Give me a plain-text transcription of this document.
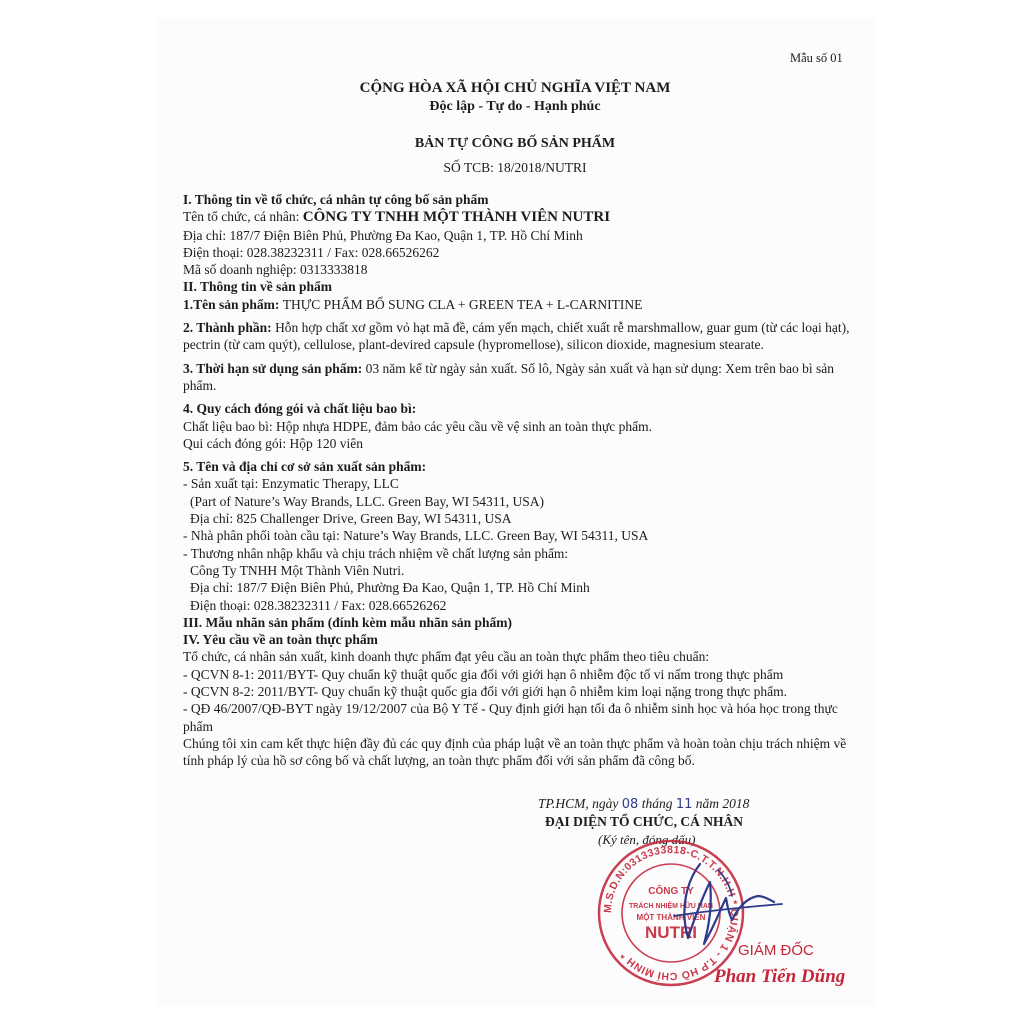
Mẫu số 01
CỘNG HÒA XÃ HỘI CHỦ NGHĨA VIỆT NAM
Độc lập - Tự do - Hạnh phúc
BẢN TỰ CÔNG BỐ SẢN PHẨM
SỐ TCB: 18/2018/NUTRI
I. Thông tin về tổ chức, cá nhân tự công bố sản phẩm
Tên tổ chức, cá nhân: CÔNG TY TNHH MỘT THÀNH VIÊN NUTRI
Địa chỉ: 187/7 Điện Biên Phủ, Phường Đa Kao, Quận 1, TP. Hồ Chí Minh
Điện thoại: 028.38232311 / Fax: 028.66526262
Mã số doanh nghiệp: 0313333818
II. Thông tin về sản phẩm
1.Tên sản phẩm: THỰC PHẨM BỔ SUNG CLA + GREEN TEA + L-CARNITINE
2. Thành phần: Hỗn hợp chất xơ gồm vỏ hạt mã đề, cám yến mạch, chiết xuất rễ marshmallow, guar gum (từ các loại hạt), pectrin (từ cam quýt), cellulose, plant-devired capsule (hypromellose), silicon dioxide, magnesium stearate.
3. Thời hạn sử dụng sản phẩm: 03 năm kể từ ngày sản xuất. Số lô, Ngày sản xuất và hạn sử dụng: Xem trên bao bì sản phẩm.
4. Quy cách đóng gói và chất liệu bao bì:
Chất liệu bao bì: Hộp nhựa HDPE, đảm bảo các yêu cầu về vệ sinh an toàn thực phẩm.
Qui cách đóng gói: Hộp 120 viên
5. Tên và địa chỉ cơ sở sản xuất sản phẩm:
- Sản xuất tại: Enzymatic Therapy, LLC
(Part of Nature’s Way Brands, LLC. Green Bay, WI 54311, USA)
Địa chỉ: 825 Challenger Drive, Green Bay, WI 54311, USA
- Nhà phân phối toàn cầu tại: Nature’s Way Brands, LLC. Green Bay, WI 54311, USA
- Thương nhân nhập khẩu và chịu trách nhiệm về chất lượng sản phẩm:
Công Ty TNHH Một Thành Viên Nutri.
Địa chỉ: 187/7 Điện Biên Phủ, Phường Đa Kao, Quận 1, TP. Hồ Chí Minh
Điện thoại: 028.38232311 / Fax: 028.66526262
III. Mẫu nhãn sản phẩm (đính kèm mẫu nhãn sản phẩm)
IV. Yêu cầu về an toàn thực phẩm
Tổ chức, cá nhân sản xuất, kinh doanh thực phẩm đạt yêu cầu an toàn thực phẩm theo tiêu chuẩn:
- QCVN 8-1: 2011/BYT- Quy chuẩn kỹ thuật quốc gia đối với giới hạn ô nhiễm độc tố vi nấm trong thực phẩm
- QCVN 8-2: 2011/BYT- Quy chuẩn kỹ thuật quốc gia đối với giới hạn ô nhiễm kim loại nặng trong thực phẩm.
- QĐ 46/2007/QĐ-BYT ngày 19/12/2007 của Bộ Y Tế - Quy định giới hạn tối đa ô nhiễm sinh học và hóa học trong thực phẩm
Chúng tôi xin cam kết thực hiện đầy đủ các quy định của pháp luật về an toàn thực phẩm và hoàn toàn chịu trách nhiệm về tính pháp lý của hồ sơ công bố và chất lượng, an toàn thực phẩm đối với sản phẩm đã công bố.
TP.HCM, ngày 08 tháng 11 năm 2018
ĐẠI DIỆN TỔ CHỨC, CÁ NHÂN
(Ký tên, đóng dấu)
M.S.D.N:0313333818-C.T.T.N.H.H * QUẬN 1 - T.P HỒ CHÍ MINH *
CÔNG TY
TRÁCH NHIỆM HỮU HẠN
MỘT THÀNH VIÊN
NUTRI
GIÁM ĐỐC
Phan Tiến Dũng
